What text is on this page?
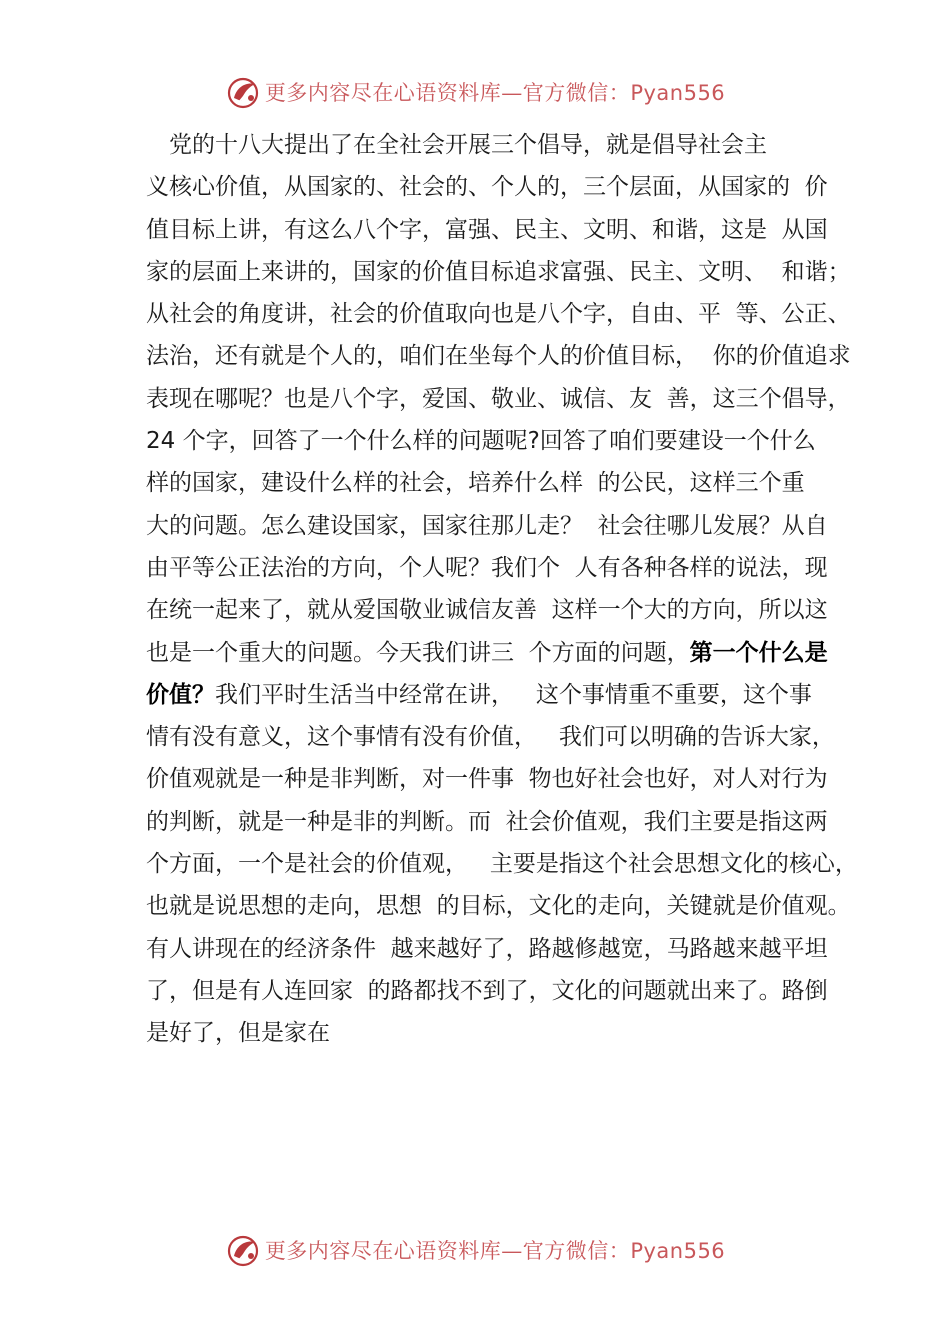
更多内容尽在心语资料库—官方微信：Pyan556
　党的十八大提出了在全社会开展三个倡导，就是倡导社会主
义核心价值，从国家的、社会的、个人的，三个层面，从国家的  价
值目标上讲，有这么八个字，富强、民主、文明、和谐，这是  从国
家的层面上来讲的，国家的价值目标追求富强、民主、文明、  和谐；
从社会的角度讲，社会的价值取向也是八个字，自由、平  等、公正、
法治，还有就是个人的，咱们在坐每个人的价值目标，  你的价值追求
表现在哪呢？也是八个字，爱国、敬业、诚信、友  善，这三个倡导，
24 个字，回答了一个什么样的问题呢?回答了咱们要建设一个什么
样的国家，建设什么样的社会，培养什么样  的公民，这样三个重
大的问题。怎么建设国家，国家往那儿走？  社会往哪儿发展？从自
由平等公正法治的方向，个人呢？我们个  人有各种各样的说法，现
在统一起来了，就从爱国敬业诚信友善  这样一个大的方向，所以这
也是一个重大的问题。今天我们讲三  个方面的问题，第一个什么是
价值？我们平时生活当中经常在讲，   这个事情重不重要，这个事
情有没有意义，这个事情有没有价值，   我们可以明确的告诉大家，
价值观就是一种是非判断，对一件事  物也好社会也好，对人对行为
的判断，就是一种是非的判断。而  社会价值观，我们主要是指这两
个方面，一个是社会的价值观，   主要是指这个社会思想文化的核心，
也就是说思想的走向，思想  的目标，文化的走向，关键就是价值观。
有人讲现在的经济条件  越来越好了，路越修越宽，马路越来越平坦
了，但是有人连回家  的路都找不到了，文化的问题就出来了。路倒
是好了，但是家在
更多内容尽在心语资料库—官方微信：Pyan556
